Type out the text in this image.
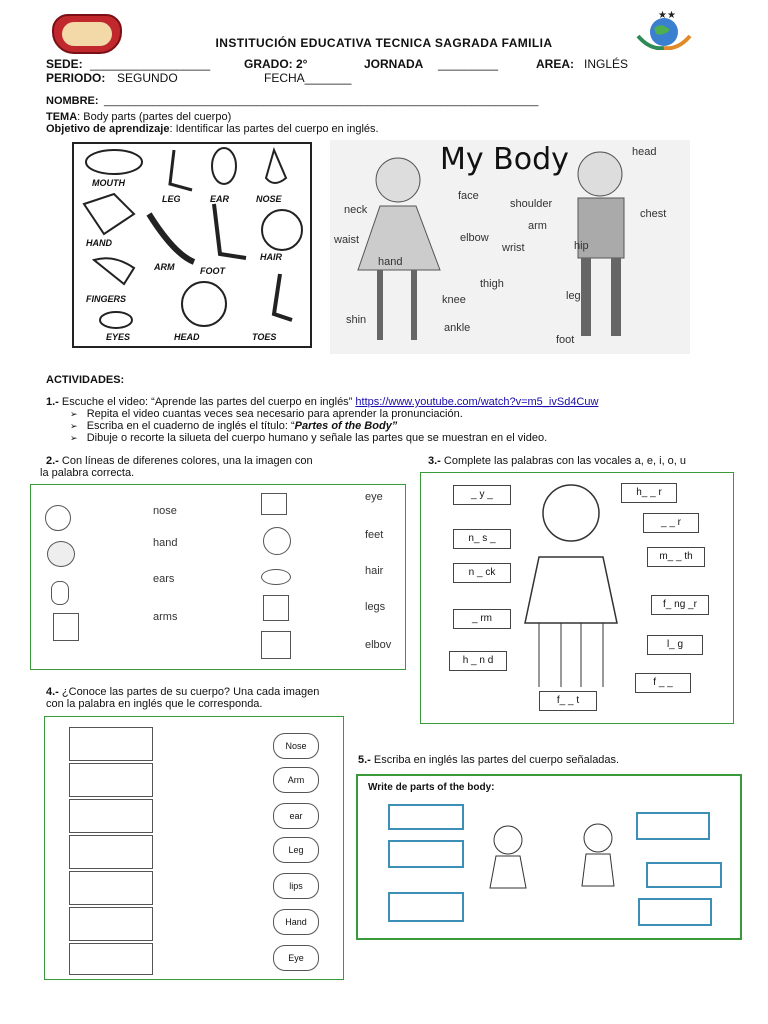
★★
INSTITUCIÓN EDUCATIVA TECNICA SAGRADA FAMILIA
SEDE: __________________	GRADO: 2°	JORNADA _________	AREA: INGLÉS
PERIODO: SEGUNDO	FECHA_______
NOMBRE: _______________________________________________________________________
TEMA: Body parts (partes del cuerpo)
Objetivo de aprendizaje: Identificar las partes del cuerpo en inglés.
MOUTH
LEG	EAR	NOSE
HAND
ARM	FOOT
HAIR
FINGERS
EYES	HEAD	TOES
My Body
face
neck
waist	elbow
hand
thigh
knee
shin
ankle
head
shoulder
chest
arm
wrist	hip
leg
foot
ACTIVIDADES:
1.- Escuche el video: “Aprende las partes del cuerpo en inglés” https://www.youtube.com/watch?v=m5_ivSd4Cuw
➢ Repita el video cuantas veces sea necesario para aprender la pronunciación.
➢ Escriba en el cuaderno de inglés el título: “Partes of the Body”
➢ Dibuje o recorte la silueta del cuerpo humano y señale las partes que se muestran en el video.
2.- Con líneas de diferenes colores, una la imagen con
la palabra correcta.
3.- Complete las palabras con las vocales a, e, i, o, u
nose
hand
ears
arms
eye
feet
hair
legs
elbov
_ y _
n_ s _
n _ ck
_ rm
h _ n d
h_ _ r
_ _ r
m_ _ th
f_ ng _r
l_ g
f _ _
f_ _ t
4.- ¿Conoce las partes de su cuerpo? Una cada imagen
con la palabra en inglés que le corresponda.
Nose
Arm
ear
Leg
lips
Hand
Eye
5.- Escriba en inglés las partes del cuerpo señaladas.
Write de parts of the body:
